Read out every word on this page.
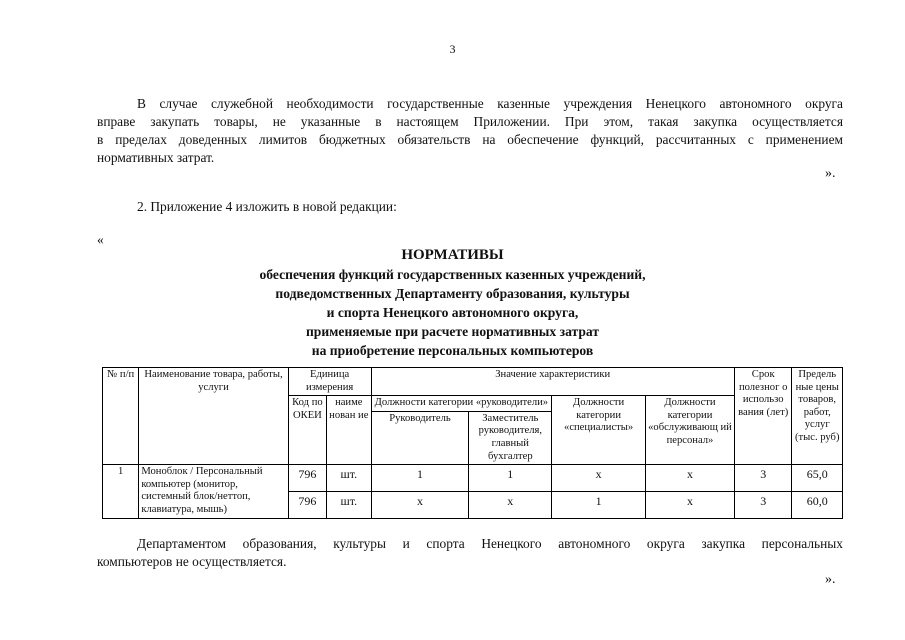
3
В случае служебной необходимости государственные казенные учреждения Ненецкого автономного округа
вправе закупать товары, не указанные в настоящем Приложении. При этом, такая закупка осуществляется
в пределах доведенных лимитов бюджетных обязательств на обеспечение функций, рассчитанных с применением
нормативных затрат.
».
2. Приложение 4 изложить в новой редакции:
«
НОРМАТИВЫ
обеспечения функций государственных казенных учреждений,
подведомственных Департаменту образования, культуры
и спорта Ненецкого автономного округа,
применяемые при расчете нормативных затрат
на приобретение персональных компьютеров
№ п/п	Наименование товара, работы, услуги	Единица измерения		Значение характеристики				Срок полезног о использо вания (лет)	Предель ные цены товаров, работ, услуг (тыс. руб)
		Код по ОКЕИ	наиме нован ие	Должности категории «руководители»		Должности категории «специалисты»	Должности категории «обслуживающ ий персонал»		
				Руководитель	Заместитель руководителя, главный бухгалтер				
1	Моноблок / Персональный компьютер (монитор, системный блок/неттоп, клавиатура, мышь)	796	шт.	1	1	х	х	3	65,0
		796	шт.	х	х	1	х	3	60,0
Департаментом образования, культуры и спорта Ненецкого автономного округа закупка персональных
компьютеров не осуществляется.
».
